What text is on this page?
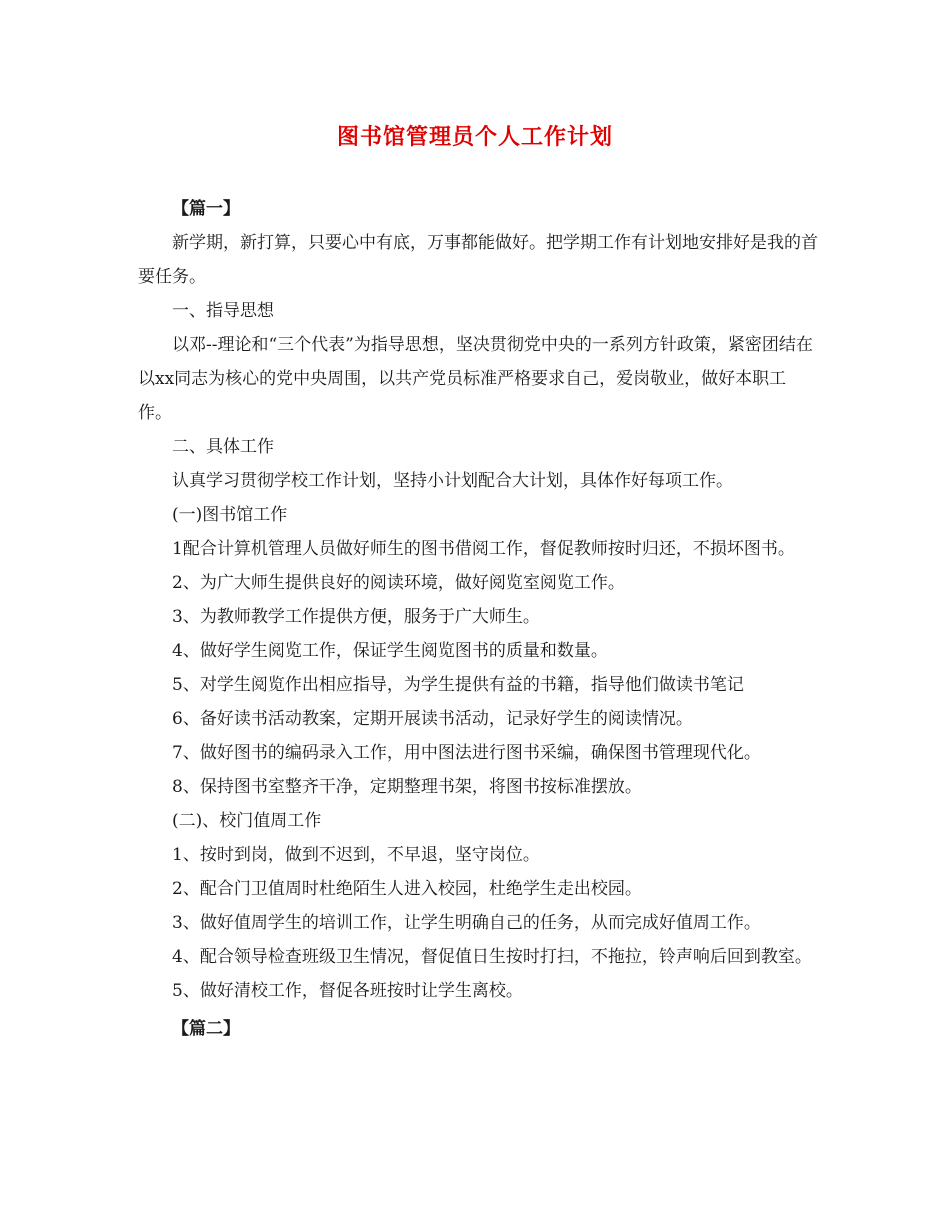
图书馆管理员个人工作计划

【篇一】

新学期，新打算，只要心中有底，万事都能做好。把学期工作有计划地安排好是我的首要任务。

一、指导思想

以邓--理论和“三个代表”为指导思想，坚决贯彻党中央的一系列方针政策，紧密团结在以xx同志为核心的党中央周围，以共产党员标准严格要求自己，爱岗敬业，做好本职工作。

二、具体工作

认真学习贯彻学校工作计划，坚持小计划配合大计划，具体作好每项工作。

(一)图书馆工作

1配合计算机管理人员做好师生的图书借阅工作，督促教师按时归还，不损坏图书。

2、为广大师生提供良好的阅读环境，做好阅览室阅览工作。

3、为教师教学工作提供方便，服务于广大师生。

4、做好学生阅览工作，保证学生阅览图书的质量和数量。

5、对学生阅览作出相应指导，为学生提供有益的书籍，指导他们做读书笔记

6、备好读书活动教案，定期开展读书活动，记录好学生的阅读情况。

7、做好图书的编码录入工作，用中图法进行图书采编，确保图书管理现代化。

8、保持图书室整齐干净，定期整理书架，将图书按标准摆放。

(二)、校门值周工作

1、按时到岗，做到不迟到，不早退，坚守岗位。

2、配合门卫值周时杜绝陌生人进入校园，杜绝学生走出校园。

3、做好值周学生的培训工作，让学生明确自己的任务，从而完成好值周工作。

4、配合领导检查班级卫生情况，督促值日生按时打扫，不拖拉，铃声响后回到教室。

5、做好清校工作，督促各班按时让学生离校。

【篇二】
